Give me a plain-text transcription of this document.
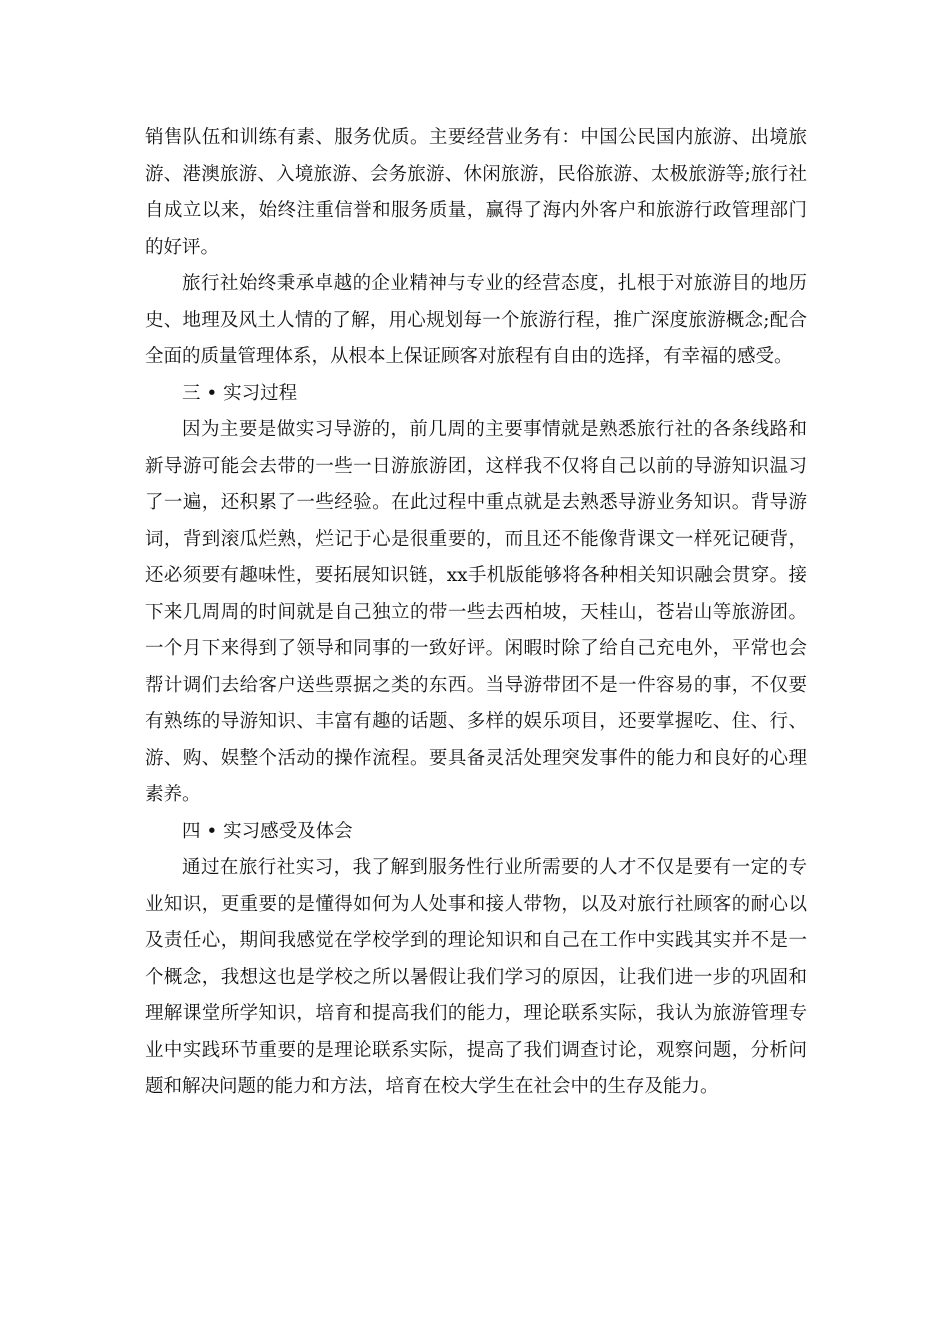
销售队伍和训练有素、服务优质。主要经营业务有：中国公民国内旅游、出境旅游、港澳旅游、入境旅游、会务旅游、休闲旅游，民俗旅游、太极旅游等;旅行社自成立以来，始终注重信誉和服务质量，赢得了海内外客户和旅游行政管理部门的好评。

旅行社始终秉承卓越的企业精神与专业的经营态度，扎根于对旅游目的地历史、地理及风土人情的了解，用心规划每一个旅游行程，推广深度旅游概念;配合全面的质量管理体系，从根本上保证顾客对旅程有自由的选择，有幸福的感受。

三 • 实习过程

因为主要是做实习导游的，前几周的主要事情就是熟悉旅行社的各条线路和新导游可能会去带的一些一日游旅游团，这样我不仅将自己以前的导游知识温习了一遍，还积累了一些经验。在此过程中重点就是去熟悉导游业务知识。背导游词，背到滚瓜烂熟，烂记于心是很重要的，而且还不能像背课文一样死记硬背，还必须要有趣味性，要拓展知识链，xx手机版能够将各种相关知识融会贯穿。接下来几周周的时间就是自己独立的带一些去西柏坡，天桂山，苍岩山等旅游团。一个月下来得到了领导和同事的一致好评。闲暇时除了给自己充电外，平常也会帮计调们去给客户送些票据之类的东西。当导游带团不是一件容易的事，不仅要有熟练的导游知识、丰富有趣的话题、多样的娱乐项目，还要掌握吃、住、行、游、购、娱整个活动的操作流程。要具备灵活处理突发事件的能力和良好的心理素养。

四 • 实习感受及体会

通过在旅行社实习，我了解到服务性行业所需要的人才不仅是要有一定的专业知识，更重要的是懂得如何为人处事和接人带物，以及对旅行社顾客的耐心以及责任心，期间我感觉在学校学到的理论知识和自己在工作中实践其实并不是一个概念，我想这也是学校之所以暑假让我们学习的原因，让我们进一步的巩固和理解课堂所学知识，培育和提高我们的能力，理论联系实际，我认为旅游管理专业中实践环节重要的是理论联系实际，提高了我们调查讨论，观察问题，分析问题和解决问题的能力和方法，培育在校大学生在社会中的生存及能力。
